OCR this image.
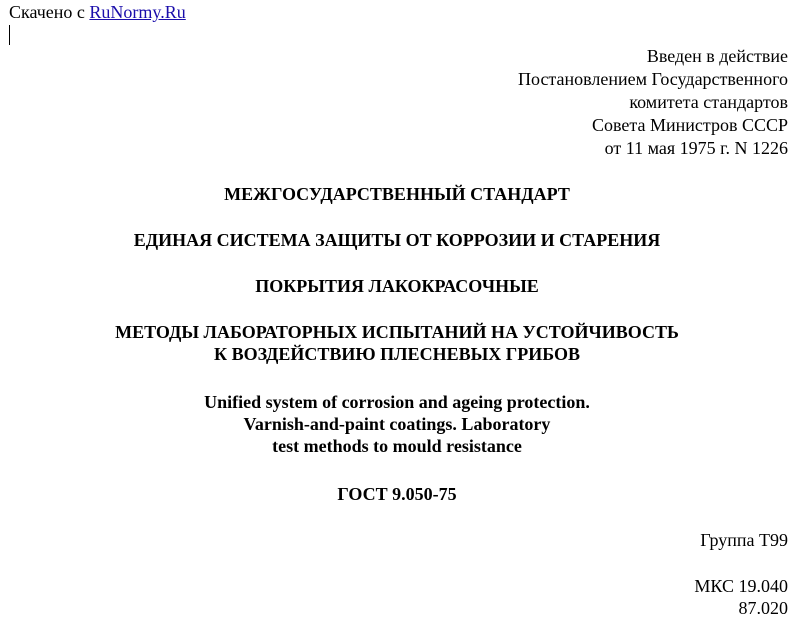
Скачено с RuNormy.Ru
Введен в действие
Постановлением Государственного
комитета стандартов
Совета Министров СССР
от 11 мая 1975 г. N 1226
МЕЖГОСУДАРСТВЕННЫЙ СТАНДАРТ
ЕДИНАЯ СИСТЕМА ЗАЩИТЫ ОТ КОРРОЗИИ И СТАРЕНИЯ
ПОКРЫТИЯ ЛАКОКРАСОЧНЫЕ
МЕТОДЫ ЛАБОРАТОРНЫХ ИСПЫТАНИЙ НА УСТОЙЧИВОСТЬ
К ВОЗДЕЙСТВИЮ ПЛЕСНЕВЫХ ГРИБОВ
Unified system of corrosion and ageing protection.
Varnish-and-paint coatings. Laboratory
test methods to mould resistance
ГОСТ 9.050-75
Группа Т99
МКС 19.040
87.020
